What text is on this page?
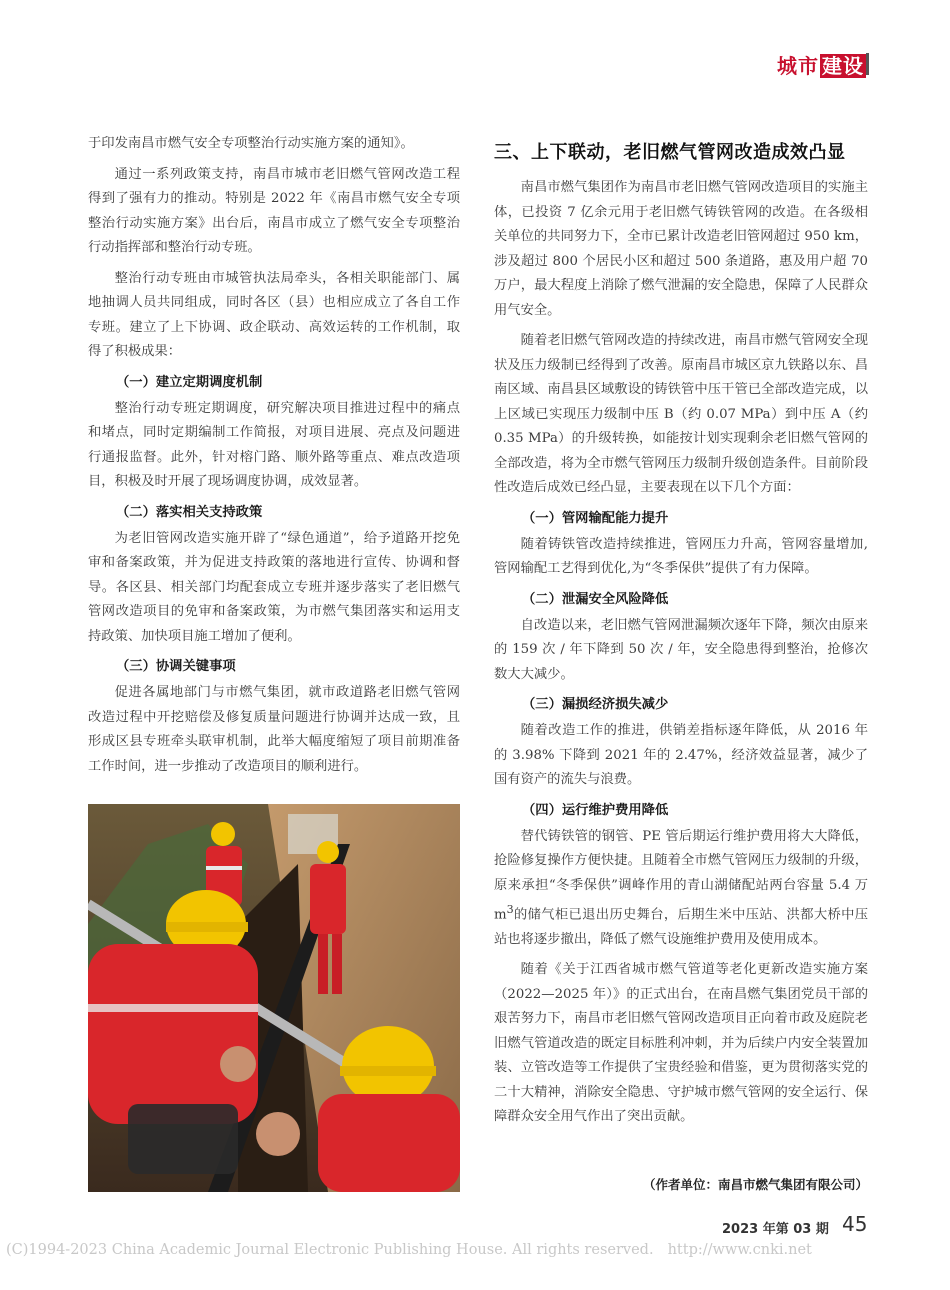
城市 建设

于印发南昌市燃气安全专项整治行动实施方案的通知》。

通过一系列政策支持，南昌市城市老旧燃气管网改造工程得到了强有力的推动。特别是 2022 年《南昌市燃气安全专项整治行动实施方案》出台后，南昌市成立了燃气安全专项整治行动指挥部和整治行动专班。

整治行动专班由市城管执法局牵头，各相关职能部门、属地抽调人员共同组成，同时各区（县）也相应成立了各自工作专班。建立了上下协调、政企联动、高效运转的工作机制，取得了积极成果：

（一）建立定期调度机制

整治行动专班定期调度，研究解决项目推进过程中的痛点和堵点，同时定期编制工作简报，对项目进展、亮点及问题进行通报监督。此外，针对榕门路、顺外路等重点、难点改造项目，积极及时开展了现场调度协调，成效显著。

（二）落实相关支持政策

为老旧管网改造实施开辟了“绿色通道”，给予道路开挖免审和备案政策，并为促进支持政策的落地进行宣传、协调和督导。各区县、相关部门均配套成立专班并逐步落实了老旧燃气管网改造项目的免审和备案政策，为市燃气集团落实和运用支持政策、加快项目施工增加了便利。

（三）协调关键事项

促进各属地部门与市燃气集团，就市政道路老旧燃气管网改造过程中开挖赔偿及修复质量问题进行协调并达成一致，且形成区县专班牵头联审机制，此举大幅度缩短了项目前期准备工作时间，进一步推动了改造项目的顺利进行。

三、上下联动，老旧燃气管网改造成效凸显

南昌市燃气集团作为南昌市老旧燃气管网改造项目的实施主体，已投资 7 亿余元用于老旧燃气铸铁管网的改造。在各级相关单位的共同努力下，全市已累计改造老旧管网超过 950 km，涉及超过 800 个居民小区和超过 500 条道路，惠及用户超 70 万户，最大程度上消除了燃气泄漏的安全隐患，保障了人民群众用气安全。

随着老旧燃气管网改造的持续改进，南昌市燃气管网安全现状及压力级制已经得到了改善。原南昌市城区京九铁路以东、昌南区域、南昌县区域敷设的铸铁管中压干管已全部改造完成，以上区域已实现压力级制中压 B（约 0.07 MPa）到中压 A（约 0.35 MPa）的升级转换，如能按计划实现剩余老旧燃气管网的全部改造，将为全市燃气管网压力级制升级创造条件。目前阶段性改造后成效已经凸显，主要表现在以下几个方面：

（一）管网输配能力提升

随着铸铁管改造持续推进，管网压力升高，管网容量增加,管网输配工艺得到优化,为“冬季保供”提供了有力保障。

（二）泄漏安全风险降低

自改造以来，老旧燃气管网泄漏频次逐年下降，频次由原来的 159 次 / 年下降到 50 次 / 年，安全隐患得到整治，抢修次数大大减少。

（三）漏损经济损失减少

随着改造工作的推进，供销差指标逐年降低，从 2016 年的 3.98% 下降到 2021 年的 2.47%，经济效益显著，减少了国有资产的流失与浪费。

（四）运行维护费用降低

替代铸铁管的钢管、PE 管后期运行维护费用将大大降低，抢险修复操作方便快捷。且随着全市燃气管网压力级制的升级，原来承担“冬季保供”调峰作用的青山湖储配站两台容量 5.4 万 $m^3$的储气柜已退出历史舞台，后期生米中压站、洪都大桥中压站也将逐步撤出，降低了燃气设施维护费用及使用成本。

随着《关于江西省城市燃气管道等老化更新改造实施方案（2022—2025 年）》的正式出台，在南昌燃气集团党员干部的艰苦努力下，南昌市老旧燃气管网改造项目正向着市政及庭院老旧燃气管道改造的既定目标胜利冲刺，并为后续户内安全装置加装、立管改造等工作提供了宝贵经验和借鉴，更为贯彻落实党的二十大精神，消除安全隐患、守护城市燃气管网的安全运行、保障群众安全用气作出了突出贡献。

（作者单位：南昌市燃气集团有限公司）
2023 年第 03 期 45
(C)1994-2023 China Academic Journal Electronic Publishing House. All rights reserved. http://www.cnki.net
